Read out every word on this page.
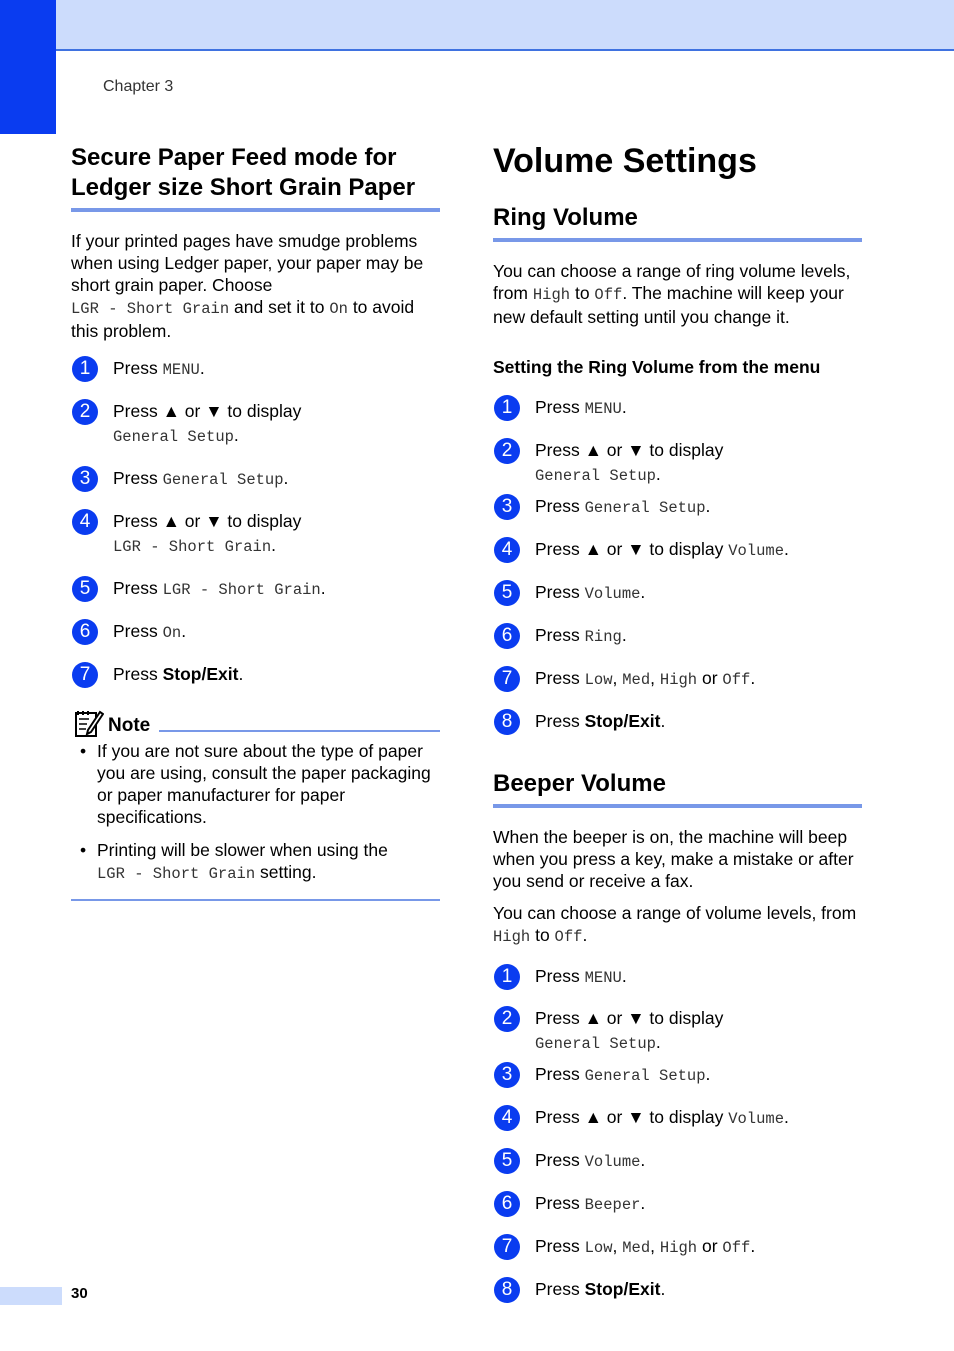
Chapter 3
Secure Paper Feed mode for
Ledger size Short Grain Paper

If your printed pages have smudge problems when using Ledger paper, your paper may be short grain paper. Choose
LGR - Short Grain and set it to On to avoid this problem.

1	Press MENU.
2	Press ▲ or ▼ to display
General Setup.
3	Press General Setup.
4	Press ▲ or ▼ to display
LGR - Short Grain.
5	Press LGR - Short Grain.
6	Press On.
7	Press Stop/Exit.
Note
• If you are not sure about the type of paper you are using, consult the paper packaging or paper manufacturer for paper specifications.
• Printing will be slower when using the
LGR - Short Grain setting.
Volume Settings
Ring Volume

You can choose a range of ring volume levels, from High to Off. The machine will keep your new default setting until you change it.

Setting the Ring Volume from the menu
1	Press MENU.
2	Press ▲ or ▼ to display
General Setup.
3	Press General Setup.
4	Press ▲ or ▼ to display Volume.
5	Press Volume.
6	Press Ring.
7	Press Low, Med, High or Off.
8	Press Stop/Exit.
Beeper Volume

When the beeper is on, the machine will beep when you press a key, make a mistake or after you send or receive a fax.

You can choose a range of volume levels, from High to Off.

1	Press MENU.
2	Press ▲ or ▼ to display
General Setup.
3	Press General Setup.
4	Press ▲ or ▼ to display Volume.
5	Press Volume.
6	Press Beeper.
7	Press Low, Med, High or Off.
8	Press Stop/Exit.
30
